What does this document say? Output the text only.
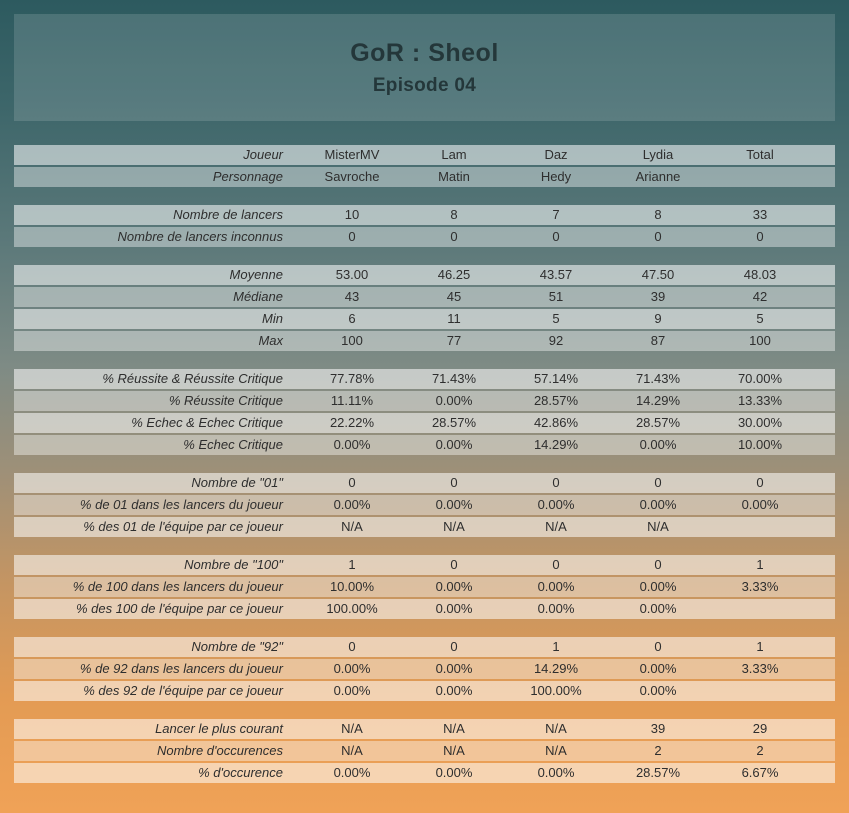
GoR : Sheol
Episode 04
Joueur	MisterMV	Lam	Daz	Lydia	Total
Personnage	Savroche	Matin	Hedy	Arianne
Nombre de lancers	10	8	7	8	33
Nombre de lancers inconnus	0	0	0	0	0
Moyenne	53.00	46.25	43.57	47.50	48.03
Médiane	43	45	51	39	42
Min	6	11	5	9	5
Max	100	77	92	87	100
% Réussite & Réussite Critique	77.78%	71.43%	57.14%	71.43%	70.00%
% Réussite Critique	11.11%	0.00%	28.57%	14.29%	13.33%
% Echec & Echec Critique	22.22%	28.57%	42.86%	28.57%	30.00%
% Echec Critique	0.00%	0.00%	14.29%	0.00%	10.00%
Nombre de "01"	0	0	0	0	0
% de 01 dans les lancers du joueur	0.00%	0.00%	0.00%	0.00%	0.00%
% des 01 de l'équipe par ce joueur	N/A	N/A	N/A	N/A
Nombre de "100"	1	0	0	0	1
% de 100 dans les lancers du joueur	10.00%	0.00%	0.00%	0.00%	3.33%
% des 100 de l'équipe par ce joueur	100.00%	0.00%	0.00%	0.00%
Nombre de "92"	0	0	1	0	1
% de 92 dans les lancers du joueur	0.00%	0.00%	14.29%	0.00%	3.33%
% des 92 de l'équipe par ce joueur	0.00%	0.00%	100.00%	0.00%
Lancer le plus courant	N/A	N/A	N/A	39	29
Nombre d'occurences	N/A	N/A	N/A	2	2
% d'occurence	0.00%	0.00%	0.00%	28.57%	6.67%
